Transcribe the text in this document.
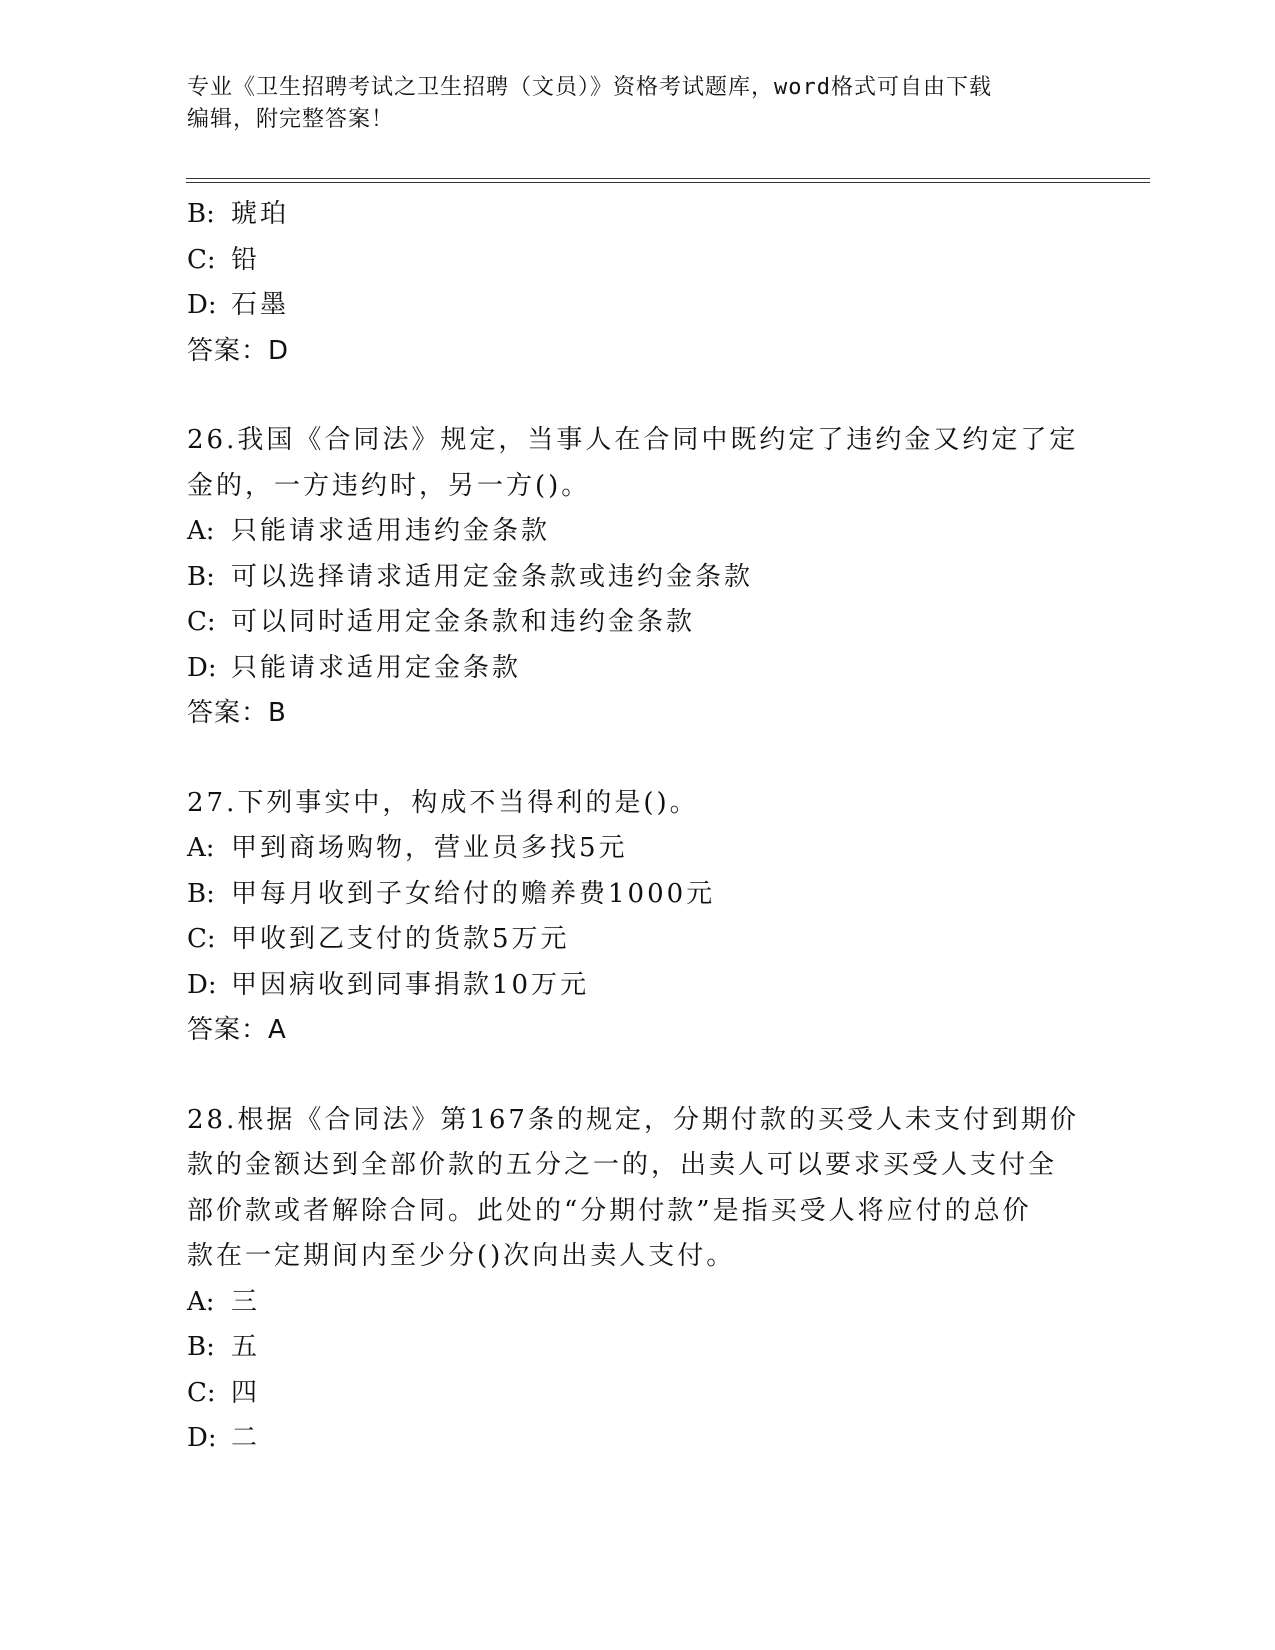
专业《卫生招聘考试之卫生招聘（文员）》资格考试题库，word格式可自由下载
编辑，附完整答案！
B: 琥珀
C: 铅
D: 石墨
答案：D
26.我国《合同法》规定，当事人在合同中既约定了违约金又约定了定
金的，一方违约时，另一方()。
A: 只能请求适用违约金条款
B: 可以选择请求适用定金条款或违约金条款
C: 可以同时适用定金条款和违约金条款
D: 只能请求适用定金条款
答案：B
27.下列事实中，构成不当得利的是()。
A: 甲到商场购物，营业员多找5元
B: 甲每月收到子女给付的赡养费1000元
C: 甲收到乙支付的货款5万元
D: 甲因病收到同事捐款10万元
答案：A
28.根据《合同法》第167条的规定，分期付款的买受人未支付到期价
款的金额达到全部价款的五分之一的，出卖人可以要求买受人支付全
部价款或者解除合同。此处的“分期付款”是指买受人将应付的总价
款在一定期间内至少分()次向出卖人支付。
A: 三
B: 五
C: 四
D: 二
